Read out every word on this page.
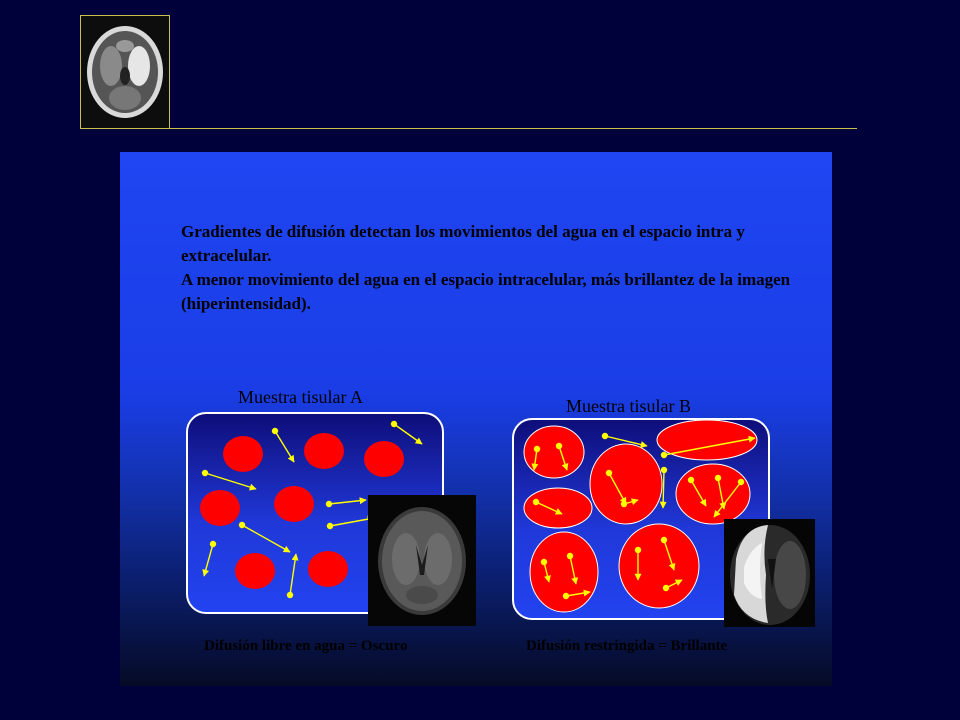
Gradientes de difusión detectan los movimientos del agua en el espacio intra y extracelular.

A menor movimiento del agua en el espacio intracelular, más brillantez de la imagen (hiperintensidad).

Muestra tisular A
Difusión libre en agua = Oscuro
Muestra tisular B
Difusión restringida = Brillante
